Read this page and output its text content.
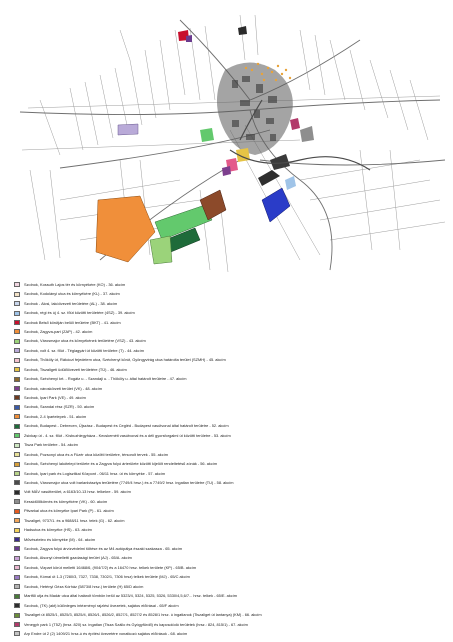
Szolnok, Kossuth Lajos tér és környékére (KO) - 36. akcím
Szolnok, Kodolányi utca és környékére (KL) - 37. akcím
Szolnok - Alcsi, lakóövezeti területére (AL) - 38. akcím
Szolnok, régi és új 4. sz. főút közötti területére (4SZ) - 39. akcím
Szolnok Belső körútján belüli területre (BKT) - 41. akcím
Szolnok, Zagyva-part (ZAP) - 42. akcím
Szolnok, Városmajor utca és környékének területére (VSZ) - 43. akcím
Szolnok, volt 4. sz. főút - Téglagyári út közötti területre (T) - 44. akcím
Szolnok, Thököly út, Rákóczi fejedelem utca, Széchenyi körút, Gyöngyvirág utca határolta terület (SZMH) - 45. akcím
Szolnok, Tiszaligeti üdülőövezeti területére (TÜ) - 46. akcím
Szolnok, Széchenyi krt. - Rogátz u. - Szandaji u. - Thököly u. által határolt területre - 47. akcím
Szolnok, városkörzeti terület (VK) - 48. akcím
Szolnok, Ipari Park (VE) - 49. akcím
Szolnok, Szandai rész (SZR) - 50. akcím
Szolnok, 2-4 Ipartelepek - 51. akcím
Szolnok, Budapest - Debrecen, Újszász - Budapest és Cegléd - Budapest vasútvonal által határolt területre - 52. akcím
Zsixkap út - 4. sz. főút - Kísbuzhlegyháza - Kecskeméti vasútvonal és a déli gyorsforgalmi út közötti területre - 53. akcím
Tisza Park területre - 54. akcím
Szolnok, Pozsonyi utca és a Füzér utca közötti területre, térsorolt tervek - 55. akcím
Szolnok, Széchenyi lakótelepi területe és a Zagyva folyó árterülete közötti kijelölt rendeltetésű zónák - 56. akcím
Szolnok, Ipari park és Logisztikai Központ - 06/11 hrsz. út és környéke - 57. akcím
Szolnok, Városmajor utca volt barlanbásztya területére (7749/4 hrsz.) és a 7749/2 hrsz. ingatlan területre (TU) - 58. akcím
Volt MÁV vasútterület, a 6163/10-13 hrsz. telkekre - 59. akcím
Kessidűlőkörnés és környékére (VK) - 60. akcím
Pitvarkai utca és környéke Ipari Park (P) - 61. akcím
Tiszaliget, 9737/1. és a 9688/11 hrsz. telek (G) - 62. akcím
Hadsutca és környéke (HS) - 63. akcím
Művészteleo és környéke (M) - 64. akcím
Szolnok, Zagyva folyó árvízvédelmi töltése és az M4 autópálya északi szakasza - 65. akcím
Szolnok, Alsonyi útmelletti gazdasági terület (AJ) - 65/A. akcím
Szolnok, Vizpart körút melletti 16468/6, (904/7/2) és a 16470 hrsz. telkek területe (KP) - 65/B. akcím
Szolnok, Kómai út 1-3 (7280/3, 7327, 7338, 7302/1, 7306 hrsz) telkek területe (MJ) - 65/C akcím
Szolnok, Hetényi Géza Kórház (5873/8 hrsz.) területe (H) 65/D akcím
Martfűi utja és Madár utca által határolt tömbön belül az 5323/4, 5324, 5325, 5326, 5330/4,5,6/7... hrsz. telkek - 65/E. akcím
Szolnok, (TK) (akt) különleges intézményi rajzlési övezetek, sajátos előírásai - 65/F akcím
Tiszaliget út 8525/1, 8525/3, 8525/4, 8526/1, 8526/2, 8527/1, 8527/2 és 8528/1 hrsz. ú ingatlanok (Tiszaliget út lantanya) (KM) - 66. akcím
Venegyh park 1 (T5Z) (hrsz. 820) sz. ingatlan (Tisza Szállo és Gyógyfürdő) és kapcsolódó területek (hrsz.: 824, 815/1) - 67. akcím
Arp Endre út 2 (2) 1409/21 hrsz-ú és építési övezetére vonatkozó sajátos előírások - 68. akcím
